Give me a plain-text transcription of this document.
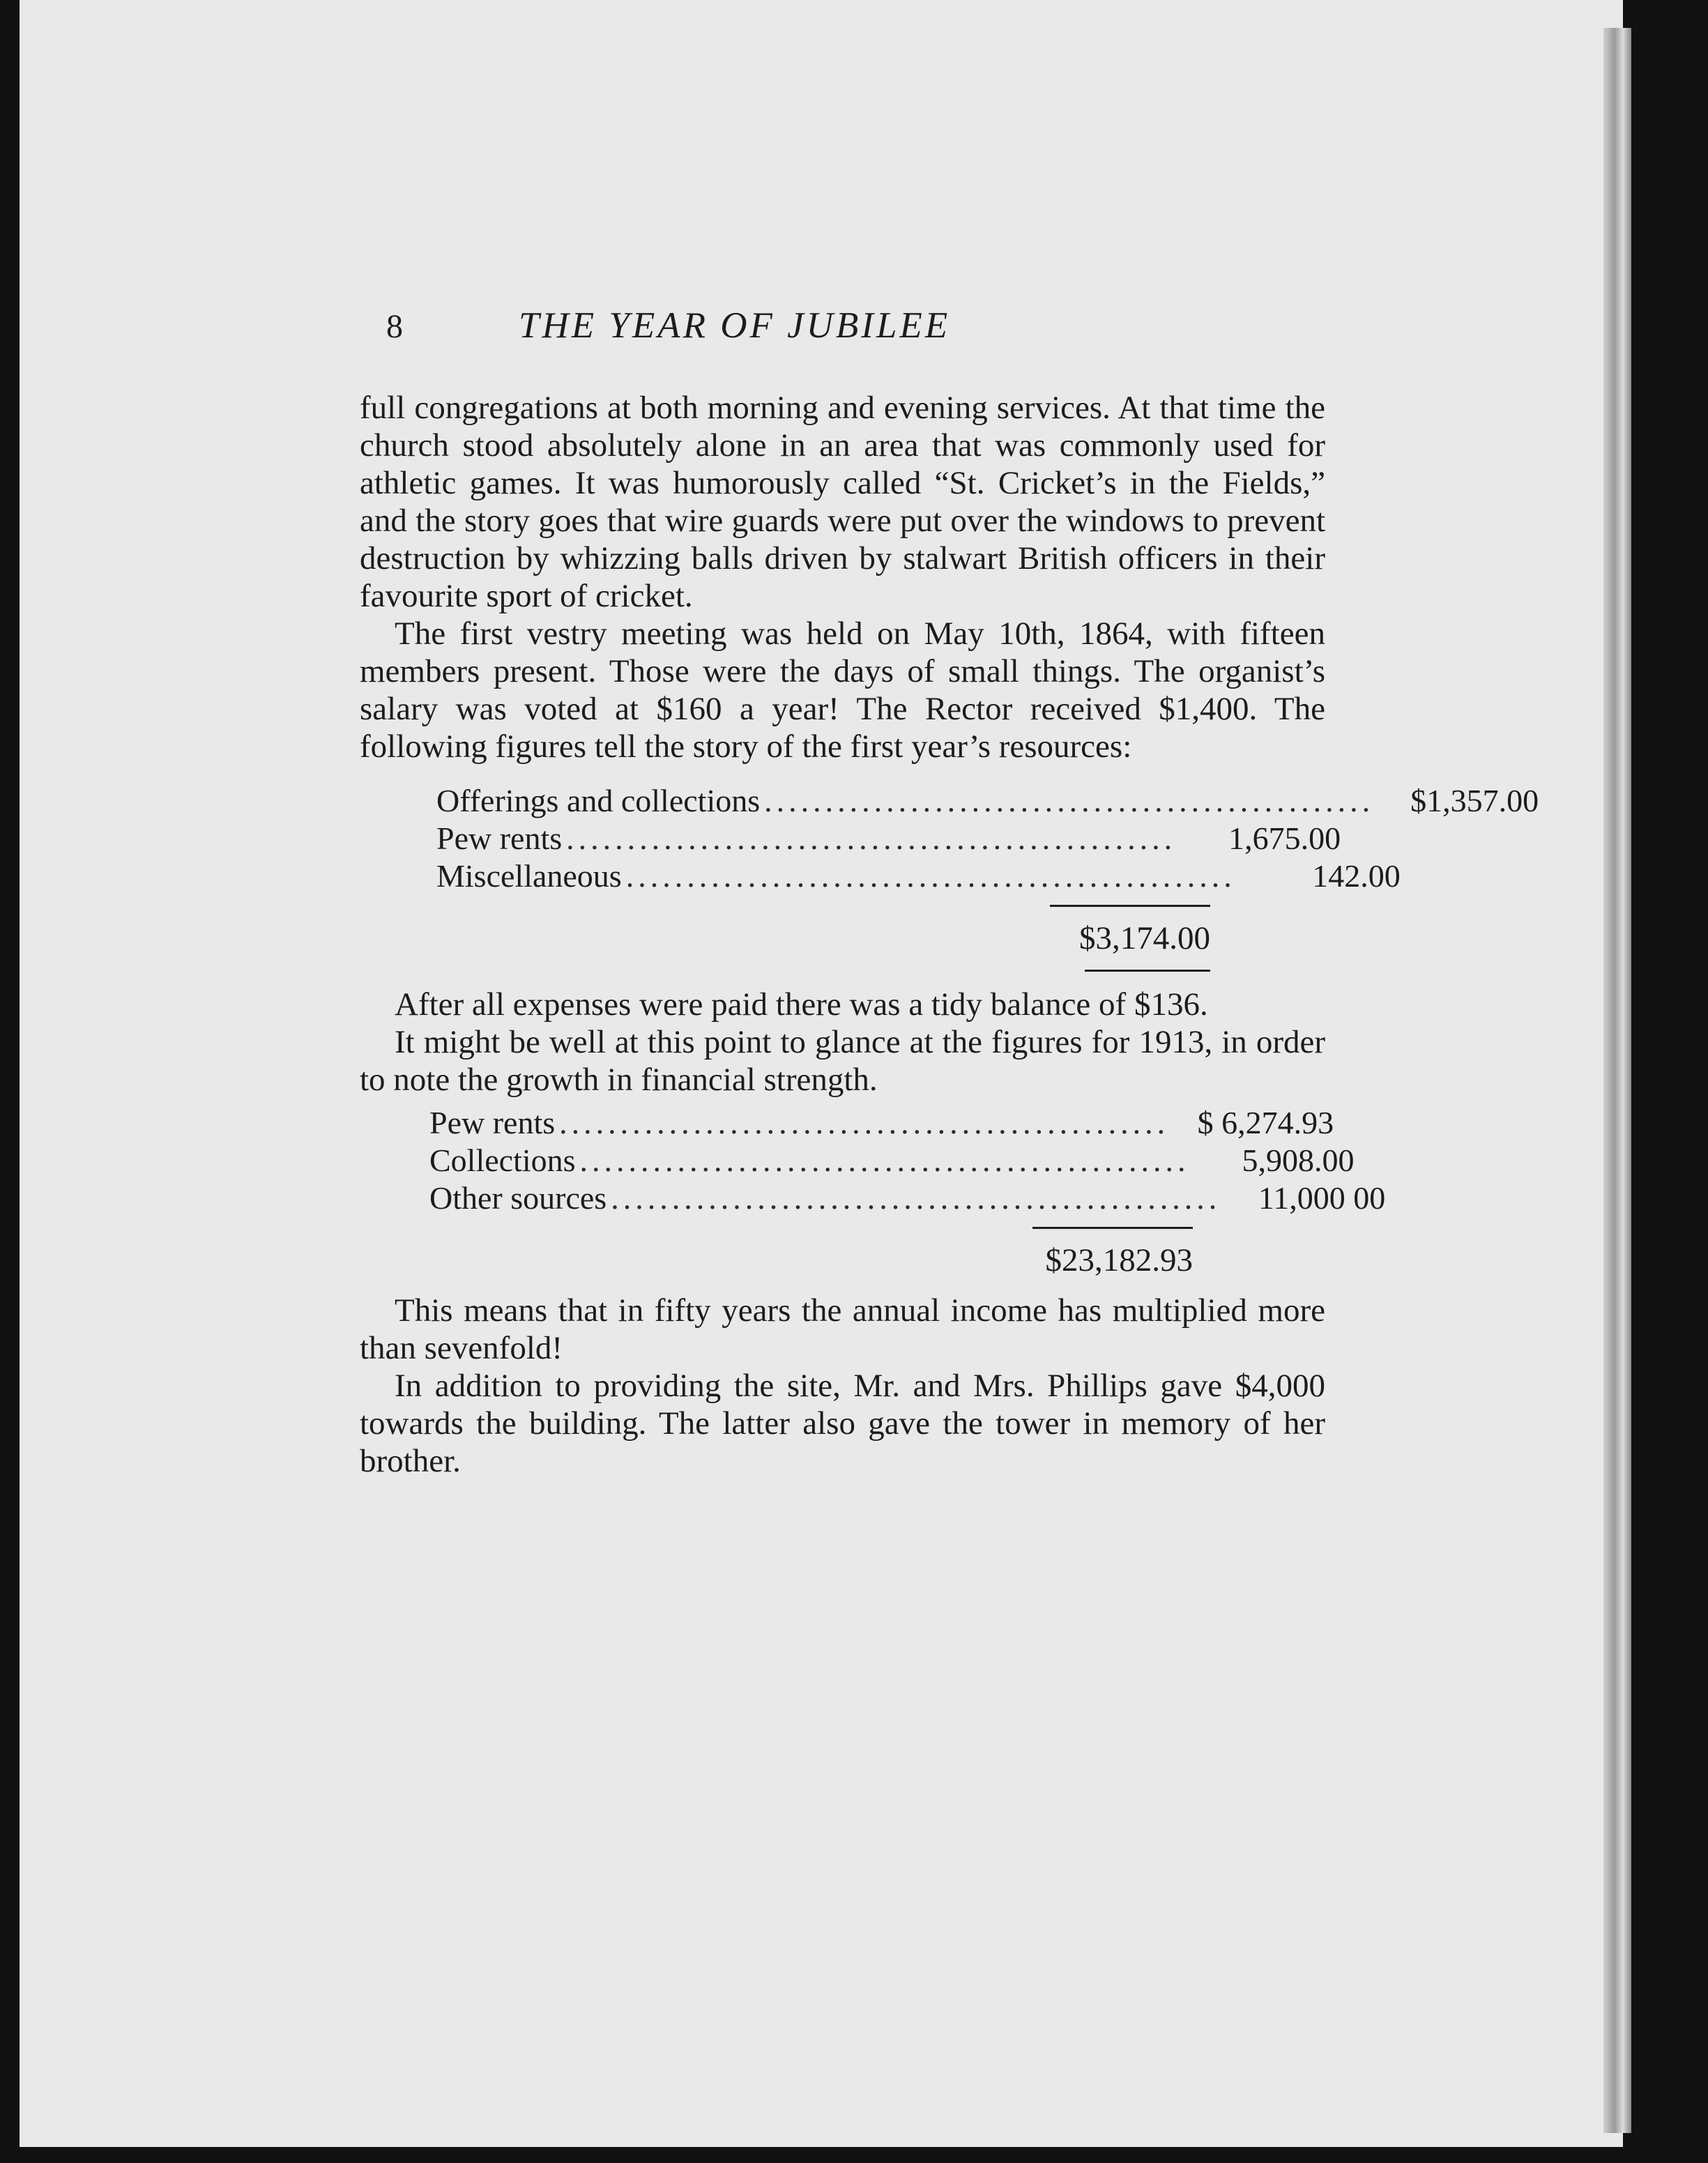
8	THE YEAR OF JUBILEE

full congregations at both morning and evening services. At that time the church stood absolutely alone in an area that was commonly used for athletic games. It was humorously called “St. Cricket’s in the Fields,” and the story goes that wire guards were put over the windows to prevent destruction by whizzing balls driven by stalwart British officers in their favourite sport of cricket.

The first vestry meeting was held on May 10th, 1864, with fifteen members present. Those were the days of small things. The organist’s salary was voted at $160 a year! The Rector received $1,400. The following figures tell the story of the first year’s resources:

Offerings and collections ..................................................	$1,357.00
Pew rents ..................................................	1,675.00
Miscellaneous ..................................................	142.00
$3,174.00

After all expenses were paid there was a tidy balance of $136.

It might be well at this point to glance at the figures for 1913, in order to note the growth in financial strength.

Pew rents .................................................. $ 6,274.93
Collections ..................................................	5,908.00
Other sources ..................................................	11,000 00
$23,182.93

This means that in fifty years the annual income has multiplied more than sevenfold!

In addition to providing the site, Mr. and Mrs. Phillips gave $4,000 towards the building. The latter also gave the tower in memory of her brother.
